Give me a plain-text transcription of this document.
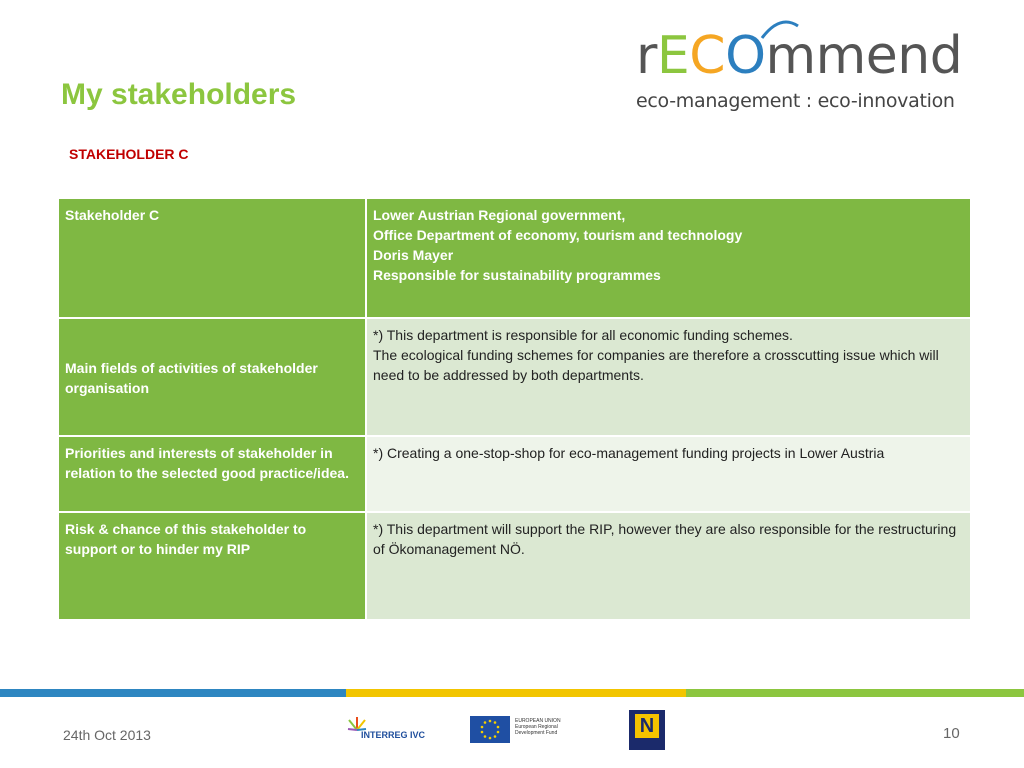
My stakeholders
STAKEHOLDER C
rECOmmend
eco-management : eco-innovation
Stakeholder C	Lower Austrian Regional government,
Office Department of economy, tourism and technology
Doris Mayer
Responsible for sustainability programmes

Main fields of activities of stakeholder organisation	*) This department is responsible for all economic funding schemes.
The ecological funding schemes for companies are therefore a crosscutting issue which will need to be addressed by both departments.

Priorities and interests of stakeholder in relation to the selected good practice/idea.	*) Creating a one-stop-shop for eco-management funding projects in Lower Austria

Risk & chance of this stakeholder to support or to hinder my RIP	*) This department will support the RIP, however they are also responsible for the restructuring of Ökomanagement NÖ.
24th Oct 2013	INTERREG IVC
EUROPEAN UNION European Regional Development Fund	N	10
